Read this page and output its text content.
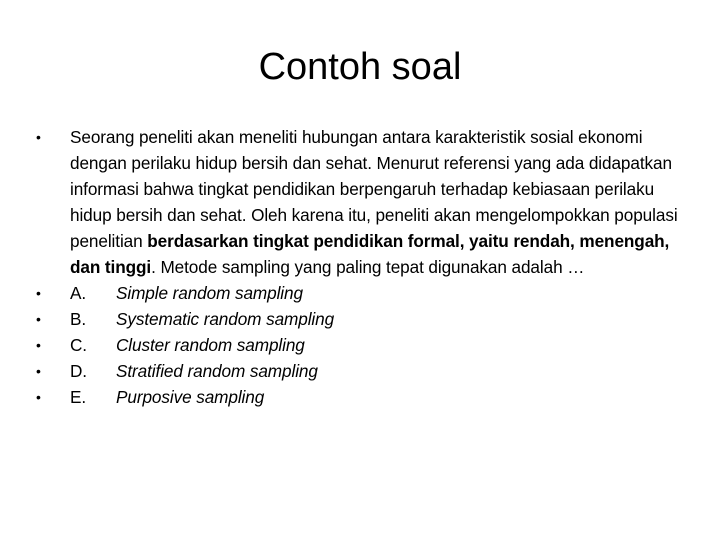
Contoh soal
•	Seorang peneliti akan meneliti hubungan antara karakteristik sosial ekonomi dengan perilaku hidup bersih dan sehat. Menurut referensi yang ada didapatkan informasi bahwa tingkat pendidikan berpengaruh terhadap kebiasaan perilaku hidup bersih dan sehat. Oleh karena itu, peneliti akan mengelompokkan populasi penelitian berdasarkan tingkat pendidikan formal, yaitu rendah, menengah, dan tinggi. Metode sampling yang paling tepat digunakan adalah …
•	A. Simple random sampling
•	B. Systematic random sampling
•	C. Cluster random sampling
•	D. Stratified random sampling
•	E. Purposive sampling
